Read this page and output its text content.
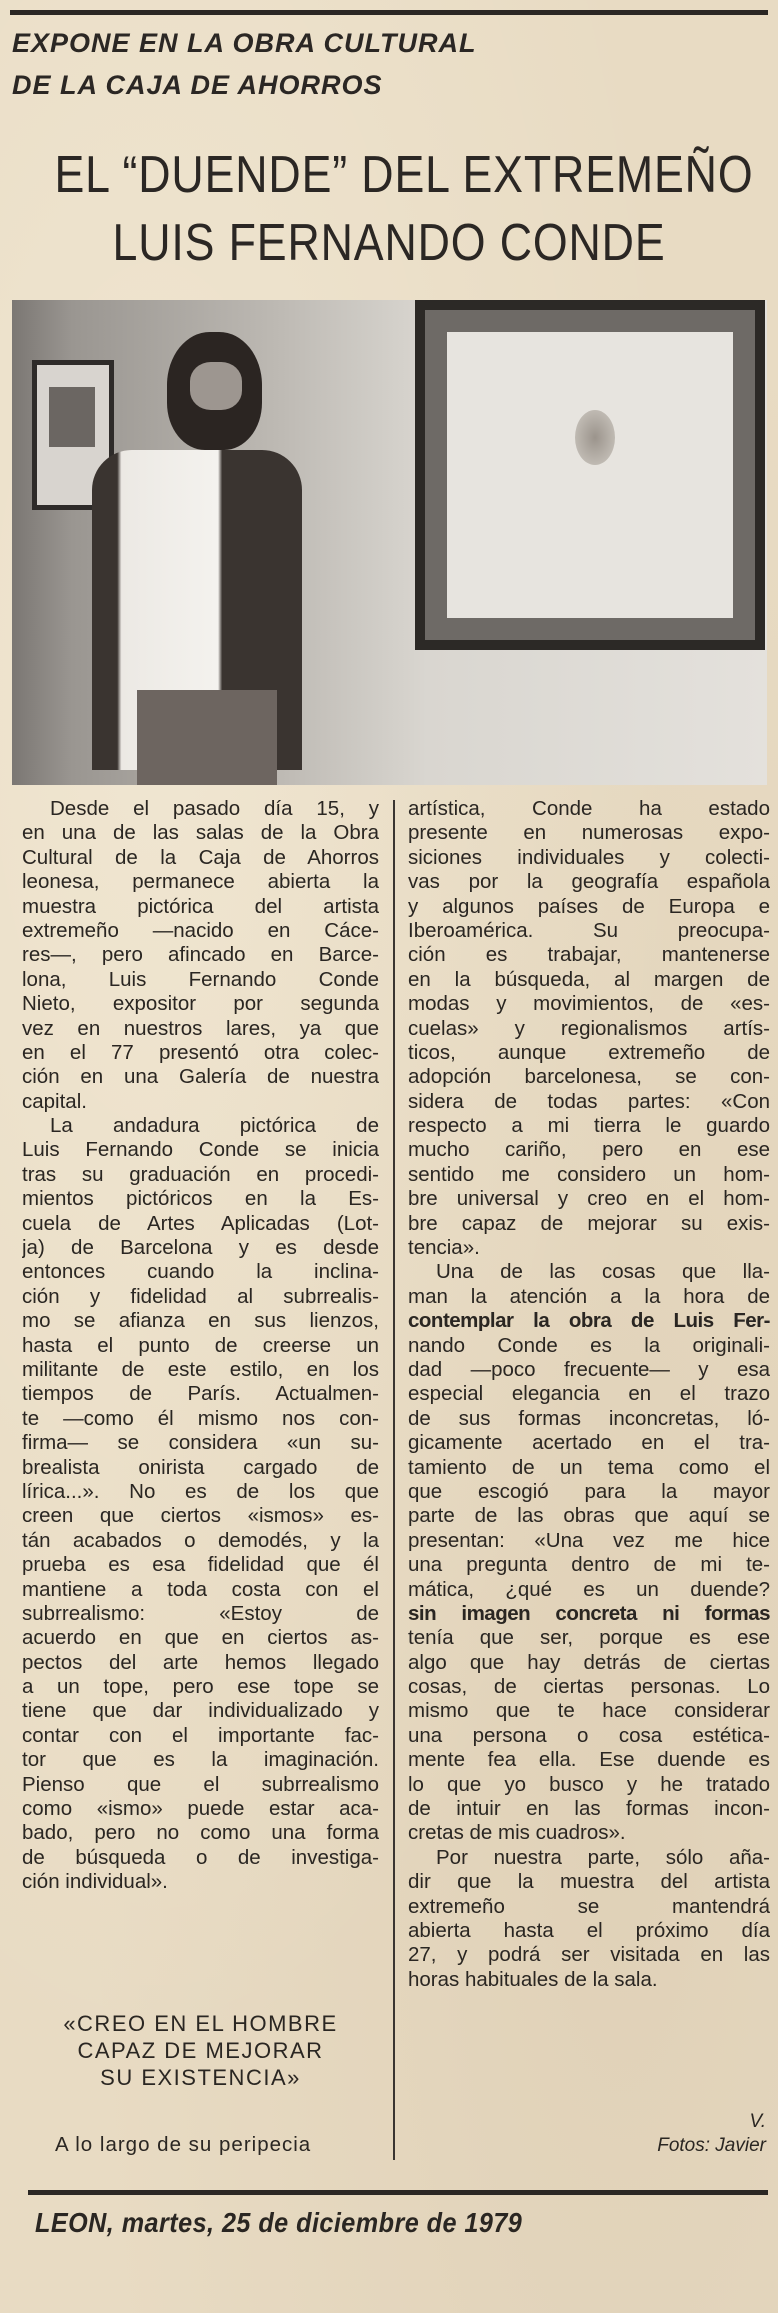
EXPONE EN LA OBRA CULTURAL
DE LA CAJA DE AHORROS
EL “DUENDE” DEL EXTREMEÑO
LUIS FERNANDO CONDE
Desde el pasado día 15, y
en una de las salas de la Obra
Cultural de la Caja de Ahorros
leonesa, permanece abierta la
muestra pictórica del artista
extremeño —nacido en Cáce-
res—, pero afincado en Barce-
lona, Luis Fernando Conde
Nieto, expositor por segunda
vez en nuestros lares, ya que
en el 77 presentó otra colec-
ción en una Galería de nuestra
capital.
La andadura pictórica de
Luis Fernando Conde se inicia
tras su graduación en procedi-
mientos pictóricos en la Es-
cuela de Artes Aplicadas (Lot-
ja) de Barcelona y es desde
entonces cuando la inclina-
ción y fidelidad al subrrealis-
mo se afianza en sus lienzos,
hasta el punto de creerse un
militante de este estilo, en los
tiempos de París. Actualmen-
te —como él mismo nos con-
firma— se considera «un su-
brealista onirista cargado de
lírica...». No es de los que
creen que ciertos «ismos» es-
tán acabados o demodés, y la
prueba es esa fidelidad que él
mantiene a toda costa con el
subrrealismo: «Estoy de
acuerdo en que en ciertos as-
pectos del arte hemos llegado
a un tope, pero ese tope se
tiene que dar individualizado y
contar con el importante fac-
tor que es la imaginación.
Pienso que el subrrealismo
como «ismo» puede estar aca-
bado, pero no como una forma
de búsqueda o de investiga-
ción individual».
artística, Conde ha estado
presente en numerosas expo-
siciones individuales y colecti-
vas por la geografía española
y algunos países de Europa e
Iberoamérica. Su preocupa-
ción es trabajar, mantenerse
en la búsqueda, al margen de
modas y movimientos, de «es-
cuelas» y regionalismos artís-
ticos, aunque extremeño de
adopción barcelonesa, se con-
sidera de todas partes: «Con
respecto a mi tierra le guardo
mucho cariño, pero en ese
sentido me considero un hom-
bre universal y creo en el hom-
bre capaz de mejorar su exis-
tencia».
Una de las cosas que lla-
man la atención a la hora de
contemplar la obra de Luis Fer-
nando Conde es la originali-
dad —poco frecuente— y esa
especial elegancia en el trazo
de sus formas inconcretas, ló-
gicamente acertado en el tra-
tamiento de un tema como el
que escogió para la mayor
parte de las obras que aquí se
presentan: «Una vez me hice
una pregunta dentro de mi te-
mática, ¿qué es un duende?
sin imagen concreta ni formas
tenía que ser, porque es ese
algo que hay detrás de ciertas
cosas, de ciertas personas. Lo
mismo que te hace considerar
una persona o cosa estética-
mente fea ella. Ese duende es
lo que yo busco y he tratado
de intuir en las formas incon-
cretas de mis cuadros».
Por nuestra parte, sólo aña-
dir que la muestra del artista
extremeño se mantendrá
abierta hasta el próximo día
27, y podrá ser visitada en las
horas habituales de la sala.
«CREO EN EL HOMBRE
CAPAZ DE MEJORAR
SU EXISTENCIA»
A lo largo de su peripecia
V.
Fotos: Javier
LEON, martes, 25 de diciembre de 1979
